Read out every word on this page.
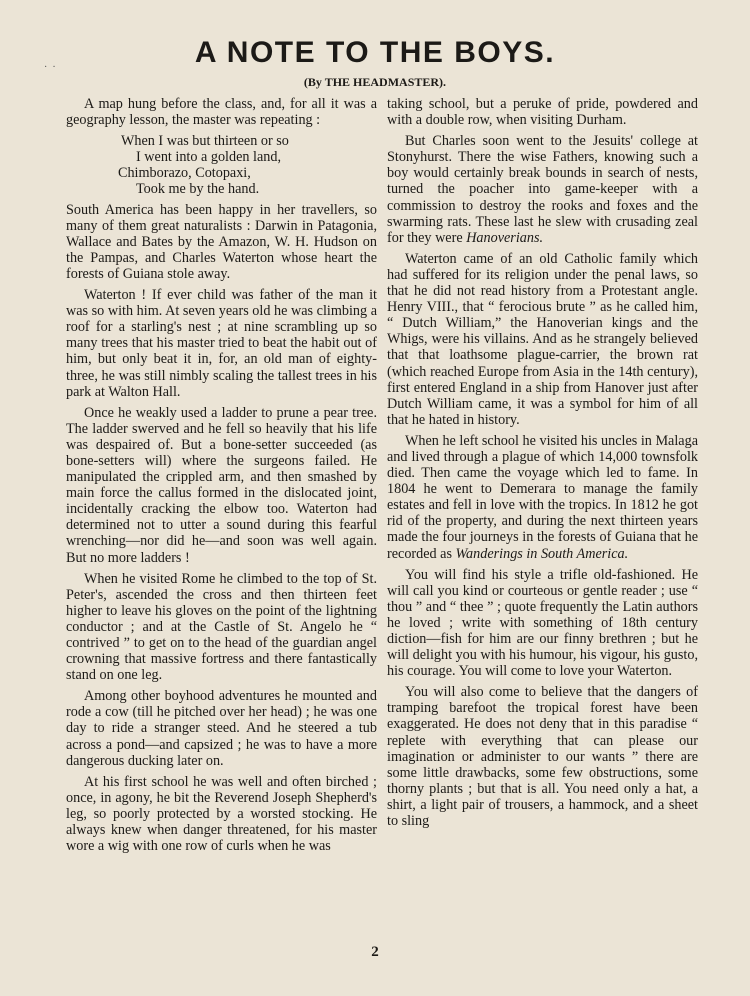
·  ·	A NOTE TO THE BOYS.
(By THE HEADMASTER).

A map hung before the class, and, for all it was a geography lesson, the master was repeating :

When I was but thirteen or so
I went into a golden land,
Chimborazo, Cotopaxi,
Took me by the hand.

South America has been happy in her travellers, so many of them great naturalists : Darwin in Patagonia, Wallace and Bates by the Amazon, W. H. Hudson on the Pampas, and Charles Waterton whose heart the forests of Guiana stole away.

Waterton ! If ever child was father of the man it was so with him. At seven years old he was climbing a roof for a starling's nest ; at nine scrambling up so many trees that his master tried to beat the habit out of him, but only beat it in, for, an old man of eighty-three, he was still nimbly scaling the tallest trees in his park at Walton Hall.

Once he weakly used a ladder to prune a pear tree. The ladder swerved and he fell so heavily that his life was despaired of. But a bone-setter succeeded (as bone-setters will) where the surgeons failed. He manipulated the crippled arm, and then smashed by main force the callus formed in the dislocated joint, incidentally cracking the elbow too. Waterton had determined not to utter a sound during this fearful wrenching—nor did he—and soon was well again. But no more ladders !

When he visited Rome he climbed to the top of St. Peter's, ascended the cross and then thirteen feet higher to leave his gloves on the point of the lightning conductor ; and at the Castle of St. Angelo he “ contrived ” to get on to the head of the guardian angel crowning that massive fortress and there fantastically stand on one leg.

Among other boyhood adventures he mounted and rode a cow (till he pitched over her head) ; he was one day to ride a stranger steed. And he steered a tub across a pond—and capsized ; he was to have a more dangerous ducking later on.

At his first school he was well and often birched ; once, in agony, he bit the Reverend Joseph Shepherd's leg, so poorly protected by a worsted stocking. He always knew when danger threatened, for his master wore a wig with one row of curls when he was

taking school, but a peruke of pride, powdered and with a double row, when visiting Durham.

But Charles soon went to the Jesuits' college at Stonyhurst. There the wise Fathers, knowing such a boy would certainly break bounds in search of nests, turned the poacher into game-keeper with a commission to destroy the rooks and foxes and the swarming rats. These last he slew with crusading zeal for they were Hanoverians.

Waterton came of an old Catholic family which had suffered for its religion under the penal laws, so that he did not read history from a Protestant angle. Henry VIII., that “ ferocious brute ” as he called him, “ Dutch William,” the Hanoverian kings and the Whigs, were his villains. And as he strangely believed that that loathsome plague-carrier, the brown rat (which reached Europe from Asia in the 14th century), first entered England in a ship from Hanover just after Dutch William came, it was a symbol for him of all that he hated in history.

When he left school he visited his uncles in Malaga and lived through a plague of which 14,000 townsfolk died. Then came the voyage which led to fame. In 1804 he went to Demerara to manage the family estates and fell in love with the tropics. In 1812 he got rid of the property, and during the next thirteen years made the four journeys in the forests of Guiana that he recorded as Wanderings in South America.

You will find his style a trifle old-fashioned. He will call you kind or courteous or gentle reader ; use “ thou ” and “ thee ” ; quote frequently the Latin authors he loved ; write with something of 18th century diction—fish for him are our finny brethren ; but he will delight you with his humour, his vigour, his gusto, his courage. You will come to love your Waterton.

You will also come to believe that the dangers of tramping barefoot the tropical forest have been exaggerated. He does not deny that in this paradise “ replete with everything that can please our imagination or administer to our wants ” there are some little drawbacks, some few obstructions, some thorny plants ; but that is all. You need only a hat, a shirt, a light pair of trousers, a hammock, and a sheet to sling

2
